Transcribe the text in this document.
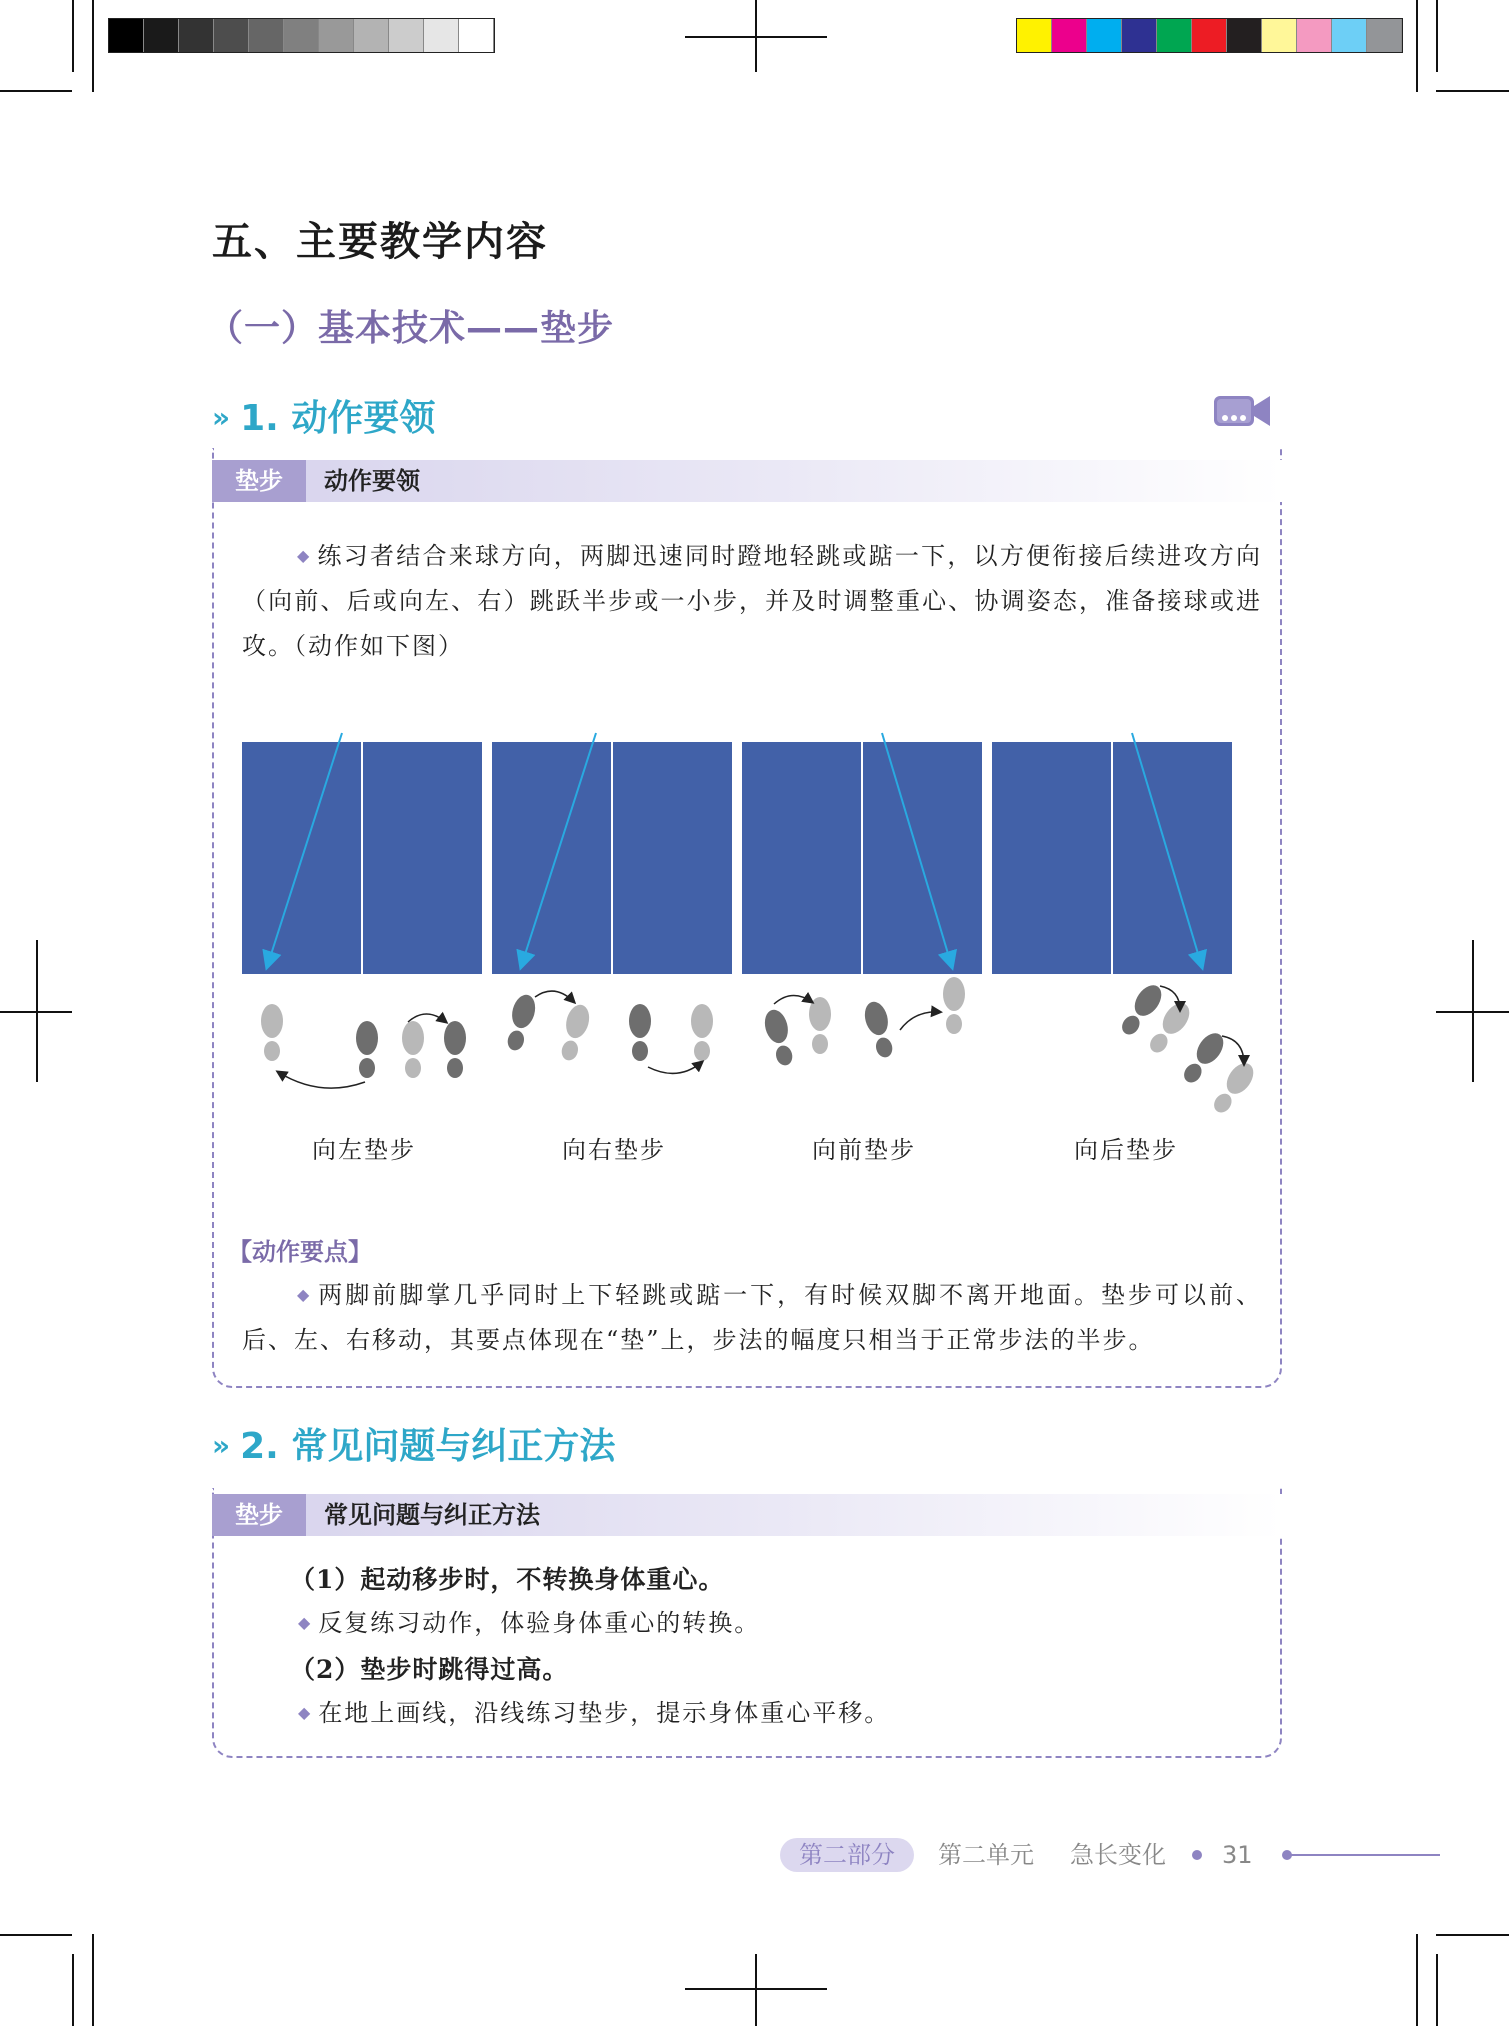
五、主要教学内容
（一）基本技术——垫步
» 1. 动作要领
垫步	动作要领
◆ 练习者结合来球方向，两脚迅速同时蹬地轻跳或踮一下，以方便衔接后续进攻方向（向前、后或向左、右）跳跃半步或一小步，并及时调整重心、协调姿态，准备接球或进攻。（动作如下图）
向左垫步	向右垫步	向前垫步	向后垫步
【动作要点】
◆ 两脚前脚掌几乎同时上下轻跳或踮一下，有时候双脚不离开地面。垫步可以前、后、左、右移动，其要点体现在“垫”上，步法的幅度只相当于正常步法的半步。
» 2. 常见问题与纠正方法
垫步	常见问题与纠正方法
（1）起动移步时，不转换身体重心。
◆ 反复练习动作，体验身体重心的转换。
（2）垫步时跳得过高。
◆ 在地上画线，沿线练习垫步，提示身体重心平移。
第二部分	第二单元 急长变化 31
